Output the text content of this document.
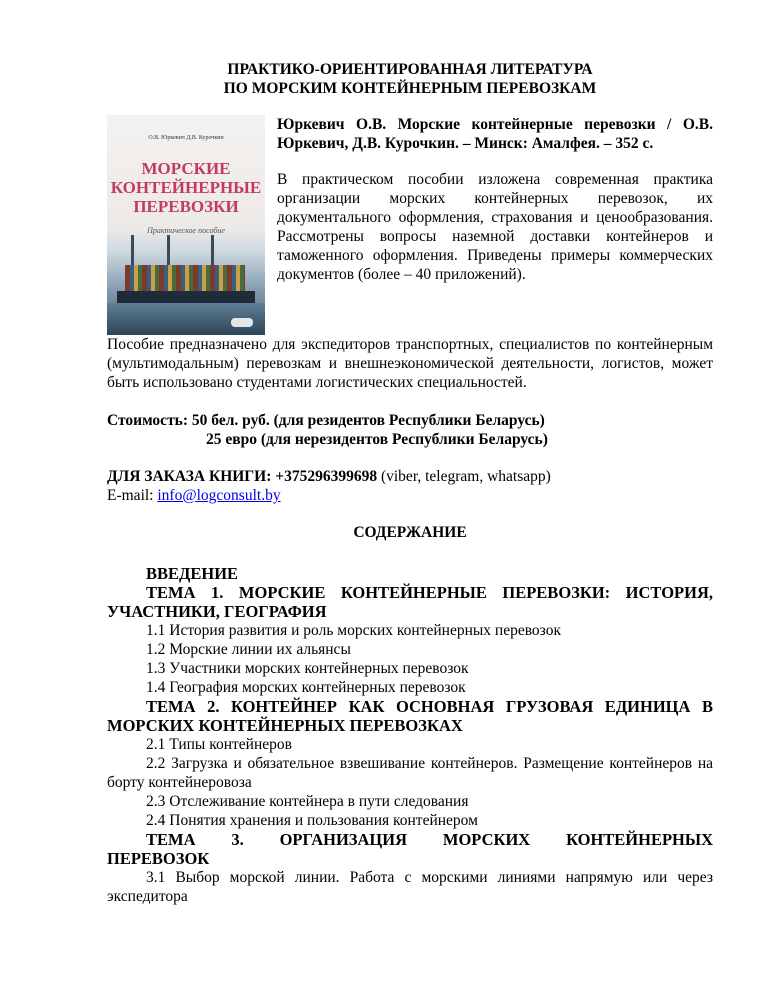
ПРАКТИКО-ОРИЕНТИРОВАННАЯ ЛИТЕРАТУРА
ПО МОРСКИМ КОНТЕЙНЕРНЫМ ПЕРЕВОЗКАМ
О.В. Юркевич Д.В. Курочкин
МОРСКИЕ
КОНТЕЙНЕРНЫЕ
ПЕРЕВОЗКИ
Практическое пособие

Юркевич О.В. Морские контейнерные перевозки / О.В. Юркевич, Д.В. Курочкин. – Минск: Амалфея. – 352 с.

В практическом пособии изложена современная практика организации морских контейнерных перевозок, их документального оформления, страхования и ценообразования. Рассмотрены вопросы наземной доставки контейнеров и таможенного оформления. Приведены примеры коммерческих документов (более – 40 приложений).

Пособие предназначено для экспедиторов транспортных, специалистов по контейнерным (мультимодальным) перевозкам и внешнеэкономической деятельности, логистов, может быть использовано студентами логистических специальностей.

Стоимость: 50 бел. руб. (для резидентов Республики Беларусь)
25 евро (для нерезидентов Республики Беларусь)
ДЛЯ ЗАКАЗА КНИГИ: +375296399698 (viber, telegram, whatsapp)
E-mail: info@logconsult.by
СОДЕРЖАНИЕ

ВВЕДЕНИЕ

ТЕМА 1. МОРСКИЕ КОНТЕЙНЕРНЫЕ ПЕРЕВОЗКИ: ИСТОРИЯ, УЧАСТНИКИ, ГЕОГРАФИЯ

1.1 История развития и роль морских контейнерных перевозок

1.2 Морские линии их альянсы

1.3 Участники морских контейнерных перевозок

1.4 География морских контейнерных перевозок

ТЕМА 2. КОНТЕЙНЕР КАК ОСНОВНАЯ ГРУЗОВАЯ ЕДИНИЦА В МОРСКИХ КОНТЕЙНЕРНЫХ ПЕРЕВОЗКАХ

2.1 Типы контейнеров

2.2 Загрузка и обязательное взвешивание контейнеров. Размещение контейнеров на борту контейнеровоза

2.3 Отслеживание контейнера в пути следования

2.4 Понятия хранения и пользования контейнером

ТЕМА 3. ОРГАНИЗАЦИЯ МОРСКИХ КОНТЕЙНЕРНЫХ
ПЕРЕВОЗОК

3.1 Выбор морской линии. Работа с морскими линиями напрямую или через экспедитора
